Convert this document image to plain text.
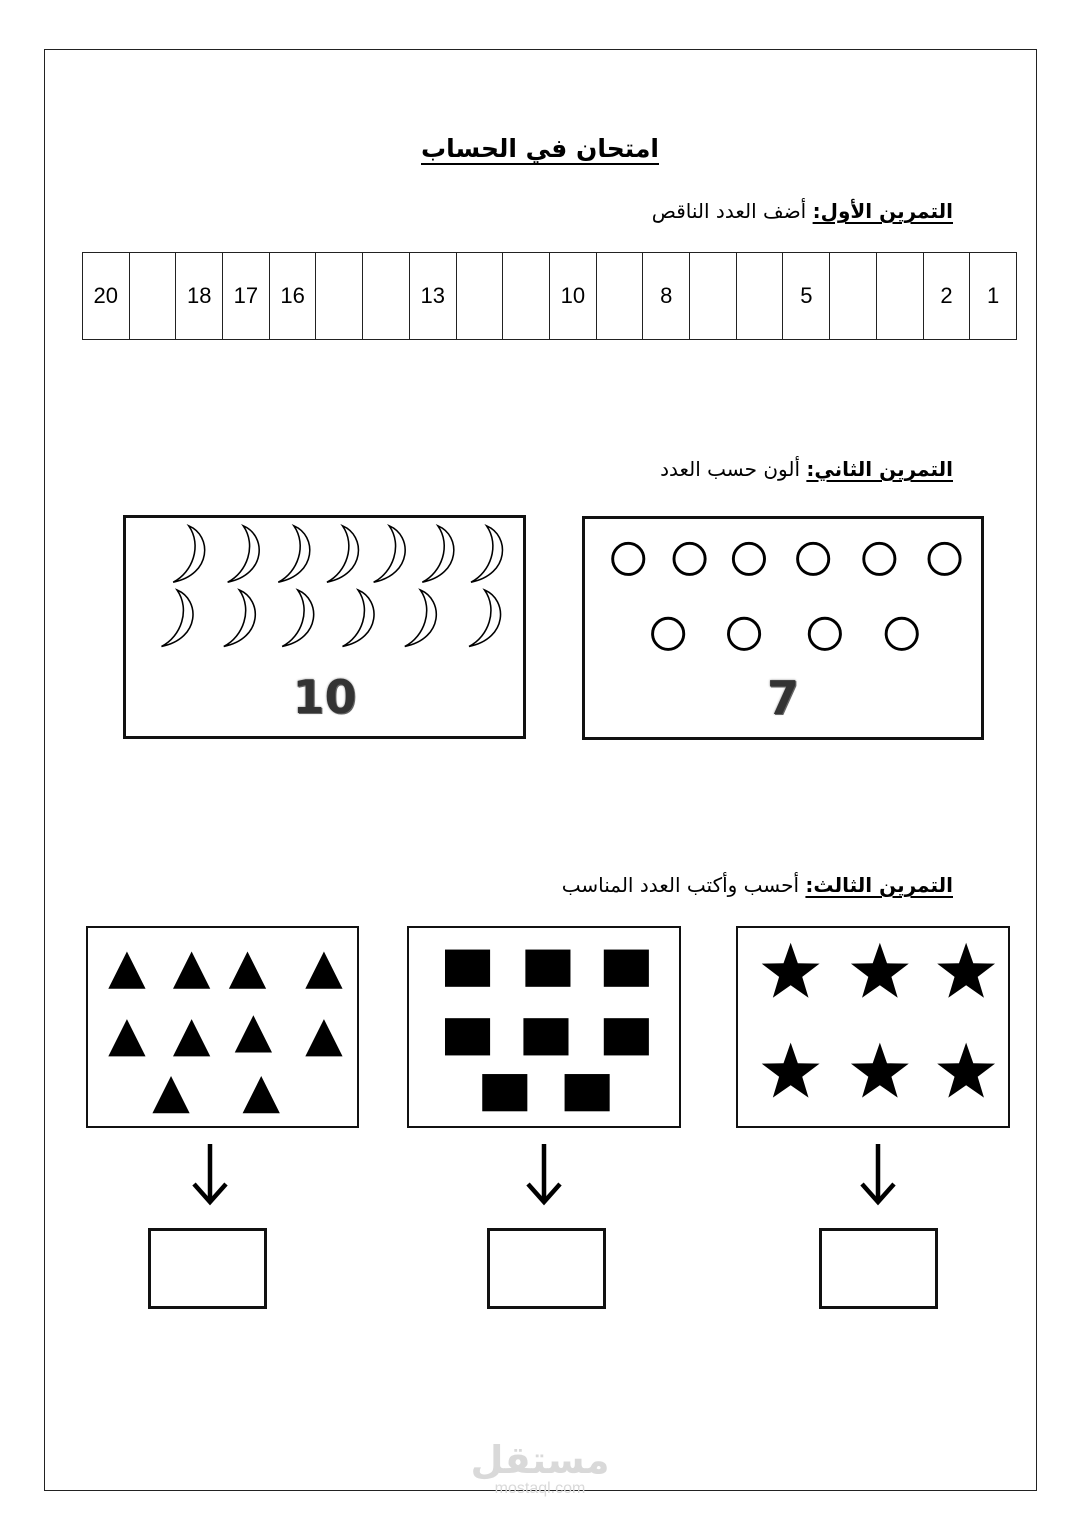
امتحان في الحساب
التمرين الأول: أضف العدد الناقص
1
2
5
8
10
13
16
17
18
20
التمرين الثاني: ألون حسب العدد
7
10
التمرين الثالث: أحسب وأكتب العدد المناسب
مستقل
mostaql.com
